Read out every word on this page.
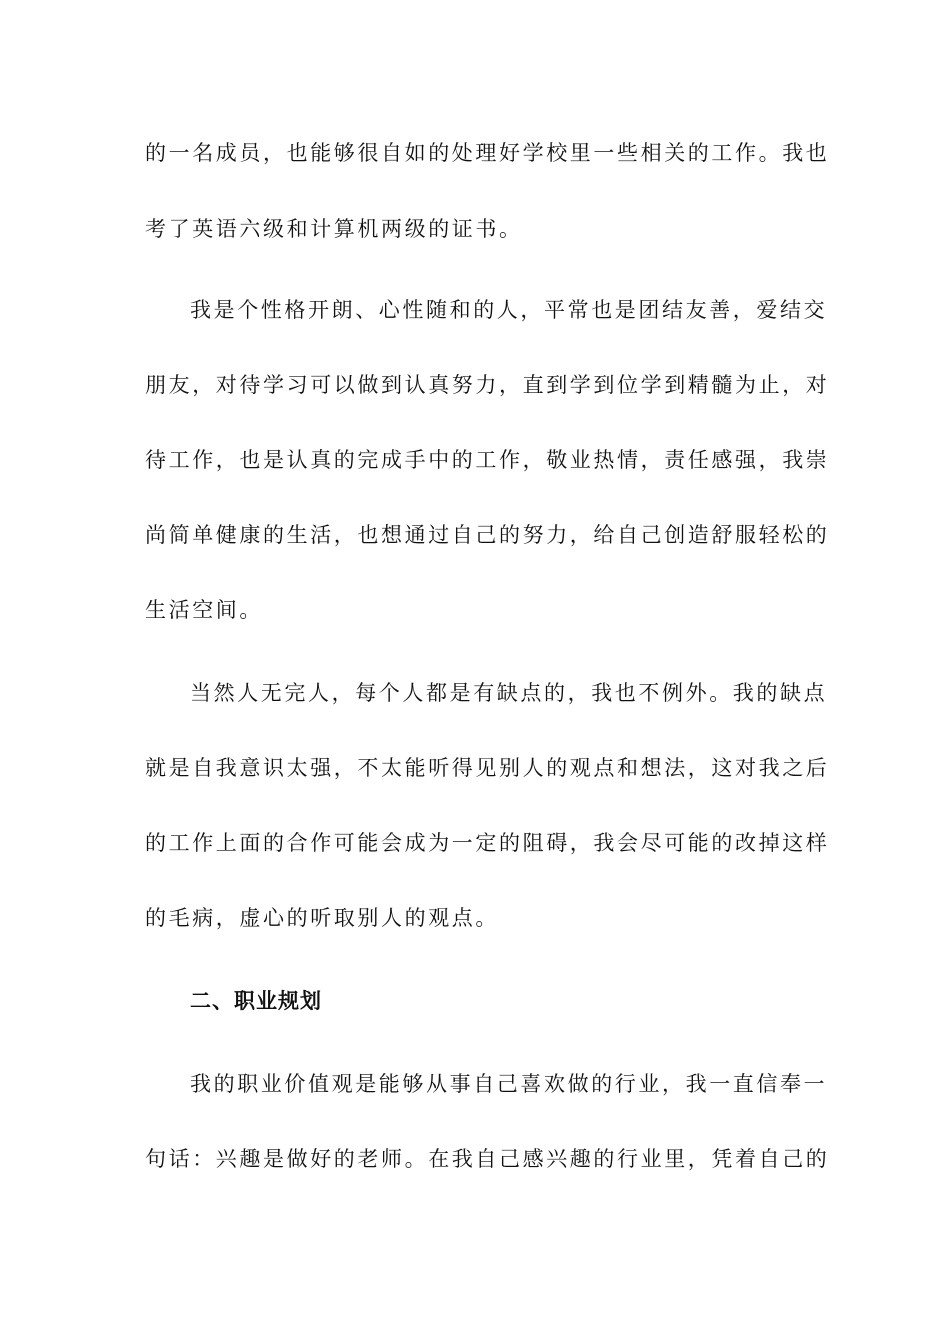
的一名成员，也能够很自如的处理好学校里一些相关的工作。我也
考了英语六级和计算机两级的证书。
我是个性格开朗、心性随和的人，平常也是团结友善，爱结交
朋友，对待学习可以做到认真努力，直到学到位学到精髓为止，对
待工作，也是认真的完成手中的工作，敬业热情，责任感强，我崇
尚简单健康的生活，也想通过自己的努力，给自己创造舒服轻松的
生活空间。
当然人无完人，每个人都是有缺点的，我也不例外。我的缺点
就是自我意识太强，不太能听得见别人的观点和想法，这对我之后
的工作上面的合作可能会成为一定的阻碍，我会尽可能的改掉这样
的毛病，虚心的听取别人的观点。
二、职业规划
我的职业价值观是能够从事自己喜欢做的行业，我一直信奉一
句话：兴趣是做好的老师。在我自己感兴趣的行业里，凭着自己的
